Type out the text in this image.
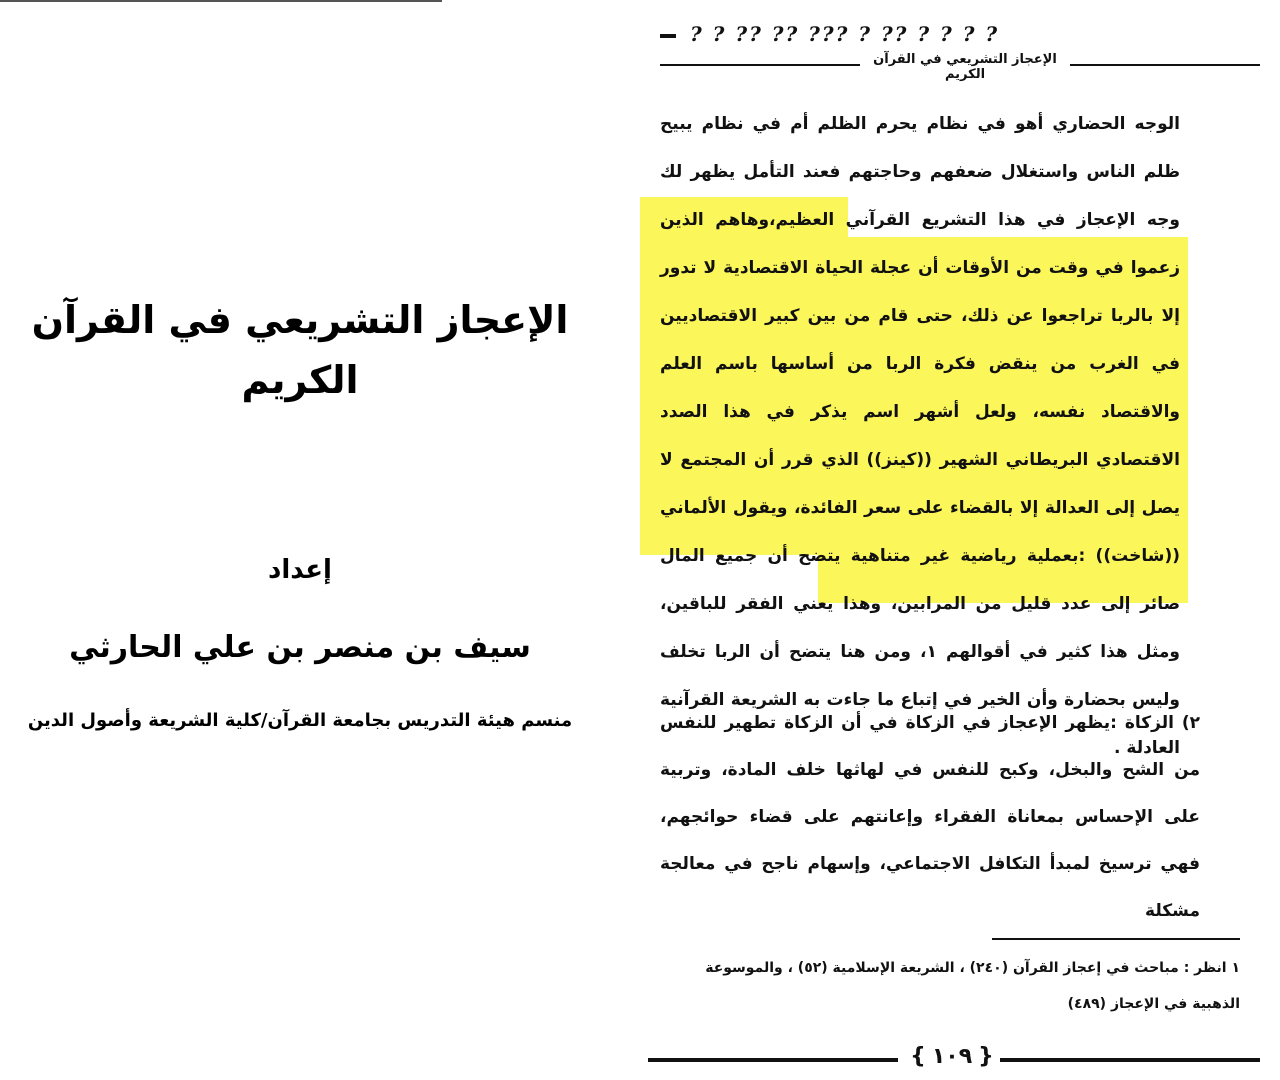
الإعجاز التشريعي في القرآن الكريم
إعداد
سيف بن منصر بن علي الحارثي
منسم هيئة التدريس بجامعة القرآن/كلية الشريعة وأصول الدين
? ? ?? ?? ??? ? ?? ? ? ? ?
الإعجاز التشريعي في القرآن الكريم

الوجه الحضاري أهو في نظام يحرم الظلم أم في نظام يبيح ظلم الناس واستغلال ضعفهم وحاجتهم فعند التأمل يظهر لك وجه الإعجاز في هذا التشريع القرآني العظيم،وهاهم الذين زعموا في وقت من الأوقات أن عجلة الحياة الاقتصادية لا تدور إلا بالربا تراجعوا عن ذلك، حتى قام من بين كبير الاقتصاديين في الغرب من ينقض فكرة الربا من أساسها باسم العلم والاقتصاد نفسه، ولعل أشهر اسم يذكر في هذا الصدد الاقتصادي البريطاني الشهير ((كينز)) الذي قرر أن المجتمع لا يصل إلى العدالة إلا بالقضاء على سعر الفائدة، ويقول الألماني ((شاخت)) :بعملية رياضية غير متناهية يتضح أن جميع المال صائر إلى عدد قليل من المرابين، وهذا يعني الفقر للباقين، ومثل هذا كثير في أقوالهم ١، ومن هنا يتضح أن الربا تخلف وليس بحضارة وأن الخير في إتباع ما جاءت به الشريعة القرآنية العادلة .

٢) الزكاة :يظهر الإعجاز في الزكاة في أن الزكاة تطهير للنفس من الشح والبخل، وكبح للنفس في لهاثها خلف المادة، وتربية على الإحساس بمعاناة الفقراء وإعانتهم على قضاء حوائجهم، فهي ترسيخ لمبدأ التكافل الاجتماعي، وإسهام ناجح في معالجة مشكلة

١ انظر : مباحث في إعجاز القرآن (٢٤٠) ، الشريعة الإسلامية (٥٢) ، والموسوعة الذهبية في الإعجاز (٤٨٩)
{ ١٠٩ }
